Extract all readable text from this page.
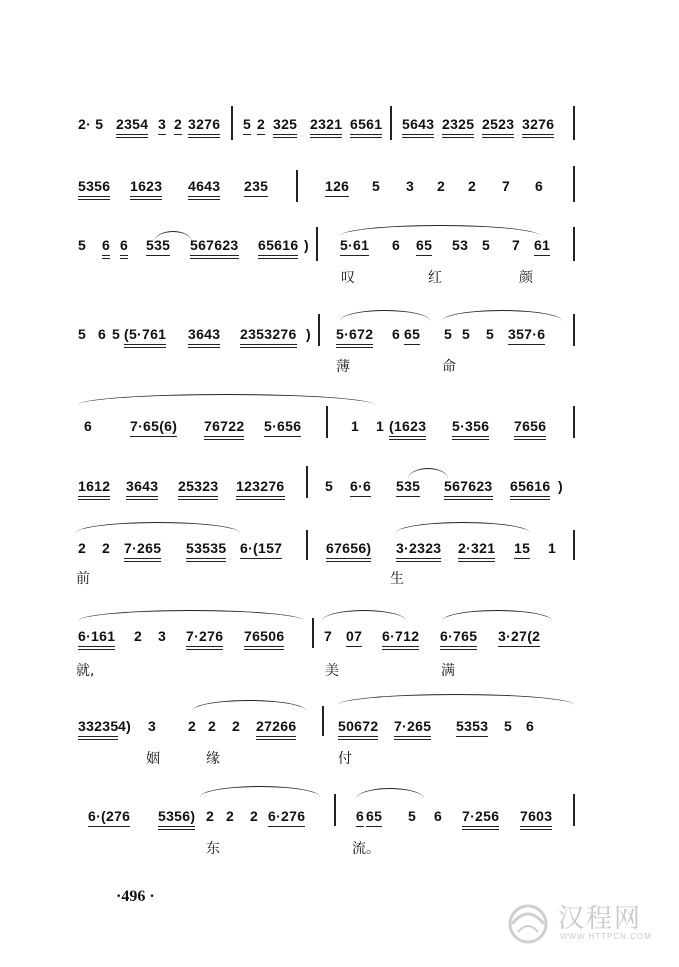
2· 5 2354 3 2 3276 5 2 325 2321 6561 5643 2325 2523 3276
5356 1623 4643 235	126 5 3 2 2 7 6
5 6 6 535 567623 65616 ) 5·61 6 65 53 5 7 61
叹	红	颜
5 6 5 (5·761 3643 2353276 ) 5·672 6 65 5 5 5 357·6
薄	命
6	7·65(6) 76722 5·656	1 1 (1623 5·356 7656
1612 3643 25323 123276	5 6·6 535 567623 65616 )
2 2 7·265 53535 6·(157	67656) 3·2323 2·321 15 1
前	生
6·161 2 3 7·276 76506	7 07 6·712 6·765 3·27(2
就,	美	满
33235 4) 3 2 2 2 27266	50672 7·265 5353 5 6
姻	缘	付
6·(276 5356) 2 2 2 6·276	6 65 5 6 7·256 7603
东	流。
·496 ·
汉程网
WWW.HTTPCN.COM
